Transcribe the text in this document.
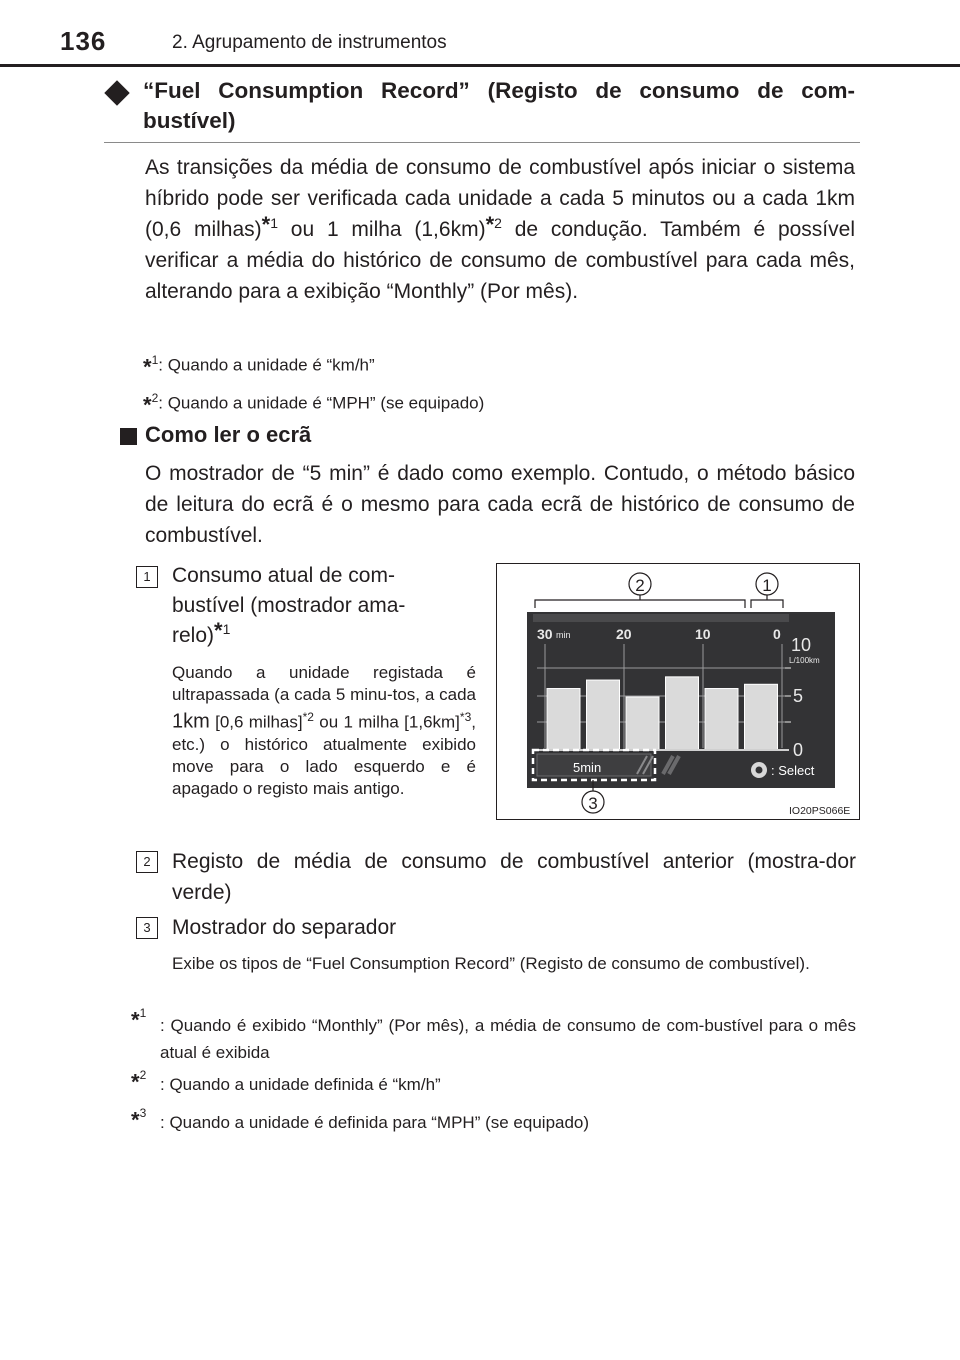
136	2. Agrupamento de instrumentos
“Fuel Consumption Record” (Registo de consumo de com-bustível)
As transições da média de consumo de combustível após iniciar o sistema híbrido pode ser verificada cada unidade a cada 5 minutos ou a cada 1km (0,6 milhas)$^{*1}$ ou 1 milha $(1,6km)^{*2}$ de condução. Também é possível verificar a média do histórico de consumo de combustível para cada mês, alterando para a exibição “Monthly” (Por mês).
*$^1$: Quando a unidade é “km/h”
*$^2$: Quando a unidade é “MPH” (se equipado)
Como ler o ecrã
O mostrador de “5 min” é dado como exemplo. Contudo, o método básico de leitura do ecrã é o mesmo para cada ecrã de histórico de consumo de combustível.
1	Consumo atual de com-
bustível (mostrador ama-
relo)$^{*1}$
Quando a unidade registada é ultrapassada (a cada 5 minu-tos, a cada 1km [0,6 milhas]$^{*2}$ ou 1 milha $[1,6km]^{*3}$, etc.) o histórico atualmente exibido move para o lado esquerdo e é apagado o registo mais antigo.
2	1
30 min	20	10	0
10
L/100km
5
0
5min	: Select
3	IO20PS066E
2	Registo de média de consumo de combustível anterior (mostra-dor verde)
3	Mostrador do separador
Exibe os tipos de “Fuel Consumption Record” (Registo de consumo de combustível).
*$^1$
: Quando é exibido “Monthly” (Por mês), a média de consumo de com-bustível para o mês atual é exibida
*$^2$ : Quando a unidade definida é “km/h”
*$^3$ : Quando a unidade é definida para “MPH” (se equipado)
